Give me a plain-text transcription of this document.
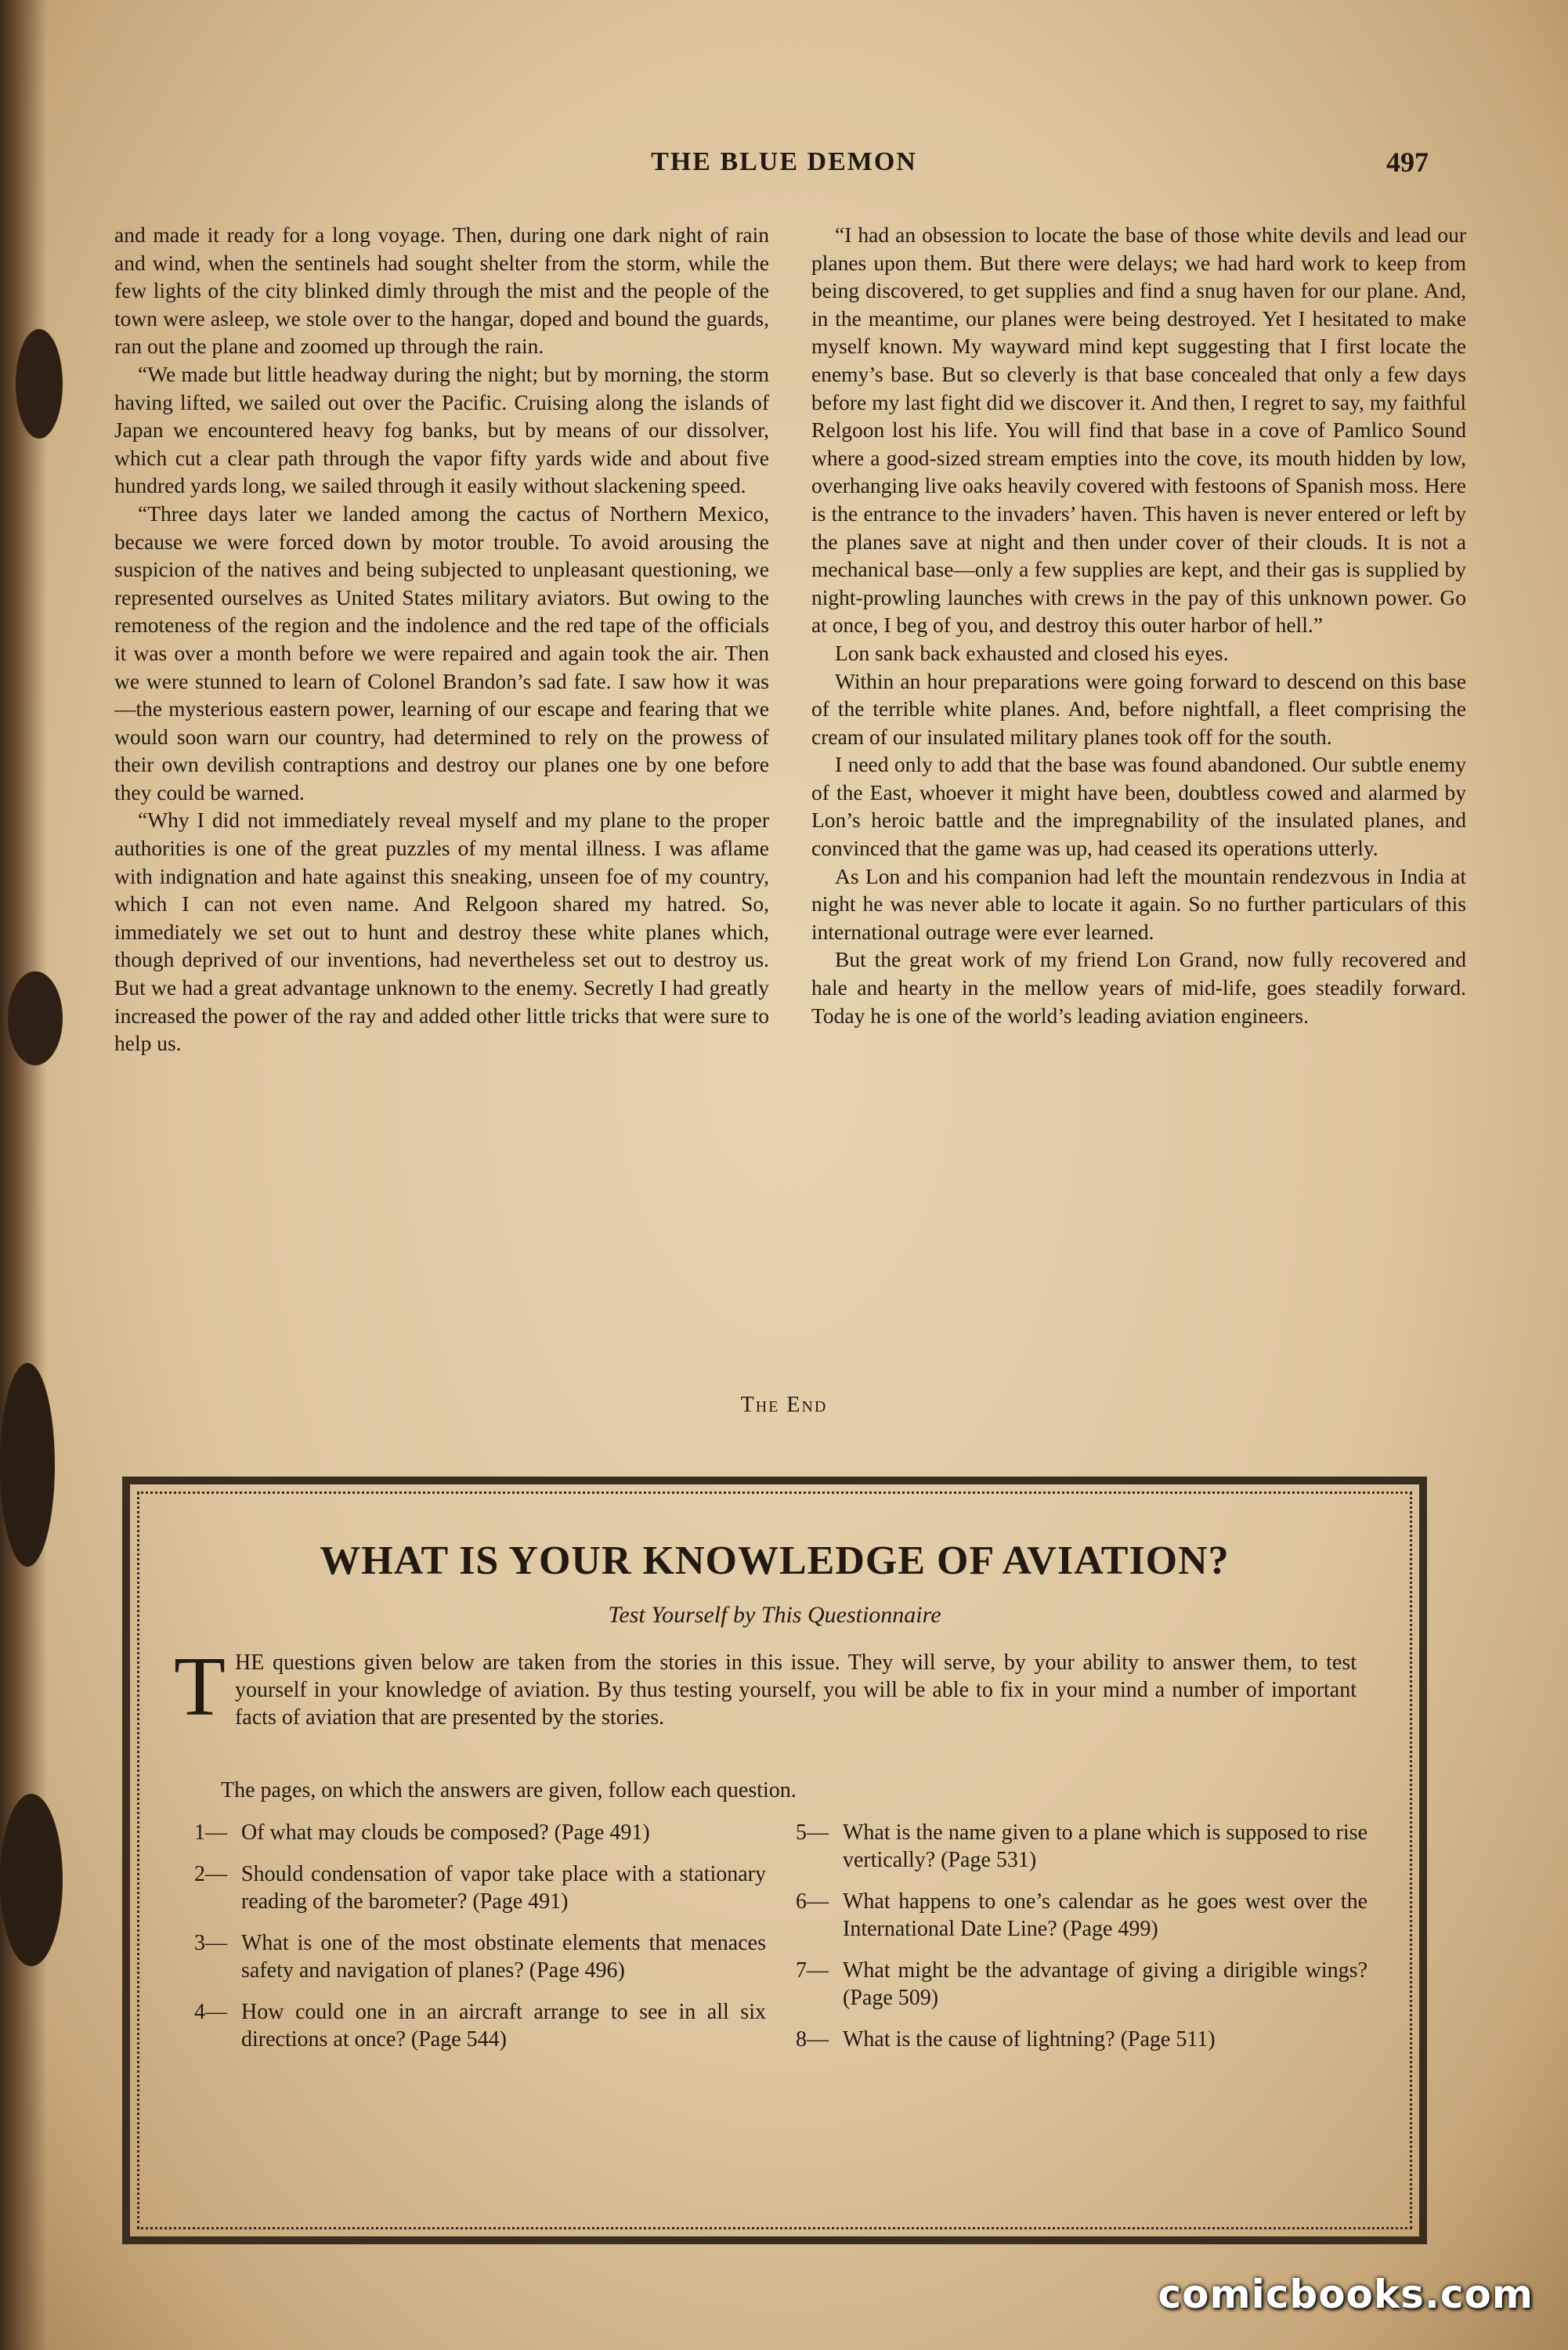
THE BLUE DEMON	497

and made it ready for a long voyage. Then, during one dark night of rain and wind, when the sentinels had sought shelter from the storm, while the few lights of the city blinked dimly through the mist and the people of the town were asleep, we stole over to the hangar, doped and bound the guards, ran out the plane and zoomed up through the rain.

“We made but little headway during the night; but by morning, the storm having lifted, we sailed out over the Pacific. Cruising along the islands of Japan we encountered heavy fog banks, but by means of our dissolver, which cut a clear path through the vapor fifty yards wide and about five hundred yards long, we sailed through it easily without slackening speed.

“Three days later we landed among the cactus of Northern Mexico, because we were forced down by motor trouble. To avoid arousing the suspicion of the natives and being subjected to unpleasant questioning, we represented ourselves as United States military aviators. But owing to the remoteness of the region and the indolence and the red tape of the officials it was over a month before we were repaired and again took the air. Then we were stunned to learn of Colonel Brandon’s sad fate. I saw how it was—the mysterious eastern power, learning of our escape and fearing that we would soon warn our country, had determined to rely on the prowess of their own devilish contraptions and destroy our planes one by one before they could be warned.

“Why I did not immediately reveal myself and my plane to the proper authorities is one of the great puzzles of my mental illness. I was aflame with indignation and hate against this sneaking, unseen foe of my country, which I can not even name. And Relgoon shared my hatred. So, immediately we set out to hunt and destroy these white planes which, though deprived of our inventions, had nevertheless set out to destroy us. But we had a great advantage unknown to the enemy. Secretly I had greatly increased the power of the ray and added other little tricks that were sure to help us.

“I had an obsession to locate the base of those white devils and lead our planes upon them. But there were delays; we had hard work to keep from being discovered, to get supplies and find a snug haven for our plane. And, in the meantime, our planes were being destroyed. Yet I hesitated to make myself known. My wayward mind kept suggesting that I first locate the enemy’s base. But so cleverly is that base concealed that only a few days before my last fight did we discover it. And then, I regret to say, my faithful Relgoon lost his life. You will find that base in a cove of Pamlico Sound where a good-sized stream empties into the cove, its mouth hidden by low, overhanging live oaks heavily covered with festoons of Spanish moss. Here is the entrance to the invaders’ haven. This haven is never entered or left by the planes save at night and then under cover of their clouds. It is not a mechanical base—only a few supplies are kept, and their gas is supplied by night-prowling launches with crews in the pay of this unknown power. Go at once, I beg of you, and destroy this outer harbor of hell.”

Lon sank back exhausted and closed his eyes.

Within an hour preparations were going forward to descend on this base of the terrible white planes. And, before nightfall, a fleet comprising the cream of our insulated military planes took off for the south.

I need only to add that the base was found abandoned. Our subtle enemy of the East, whoever it might have been, doubtless cowed and alarmed by Lon’s heroic battle and the impregnability of the insulated planes, and convinced that the game was up, had ceased its operations utterly.

As Lon and his companion had left the mountain rendezvous in India at night he was never able to locate it again. So no further particulars of this international outrage were ever learned.

But the great work of my friend Lon Grand, now fully recovered and hale and hearty in the mellow years of mid-life, goes steadily forward. Today he is one of the world’s leading aviation engineers.

The End
WHAT IS YOUR KNOWLEDGE OF AVIATION?
Test Yourself by This Questionnaire
THE questions given below are taken from the stories in this issue. They will serve, by your ability to answer them, to test yourself in your knowledge of aviation. By thus testing yourself, you will be able to fix in your mind a number of important facts of aviation that are presented by the stories.
The pages, on which the answers are given, follow each question.
1— Of what may clouds be composed? (Page 491)
2— Should condensation of vapor take place with a stationary reading of the barometer? (Page 491)
3— What is one of the most obstinate elements that menaces safety and navigation of planes? (Page 496)
4— How could one in an aircraft arrange to see in all six directions at once? (Page 544)
5— What is the name given to a plane which is supposed to rise vertically? (Page 531)
6— What happens to one’s calendar as he goes west over the International Date Line? (Page 499)
7— What might be the advantage of giving a dirigible wings? (Page 509)
8— What is the cause of lightning? (Page 511)
comicbooks.com
